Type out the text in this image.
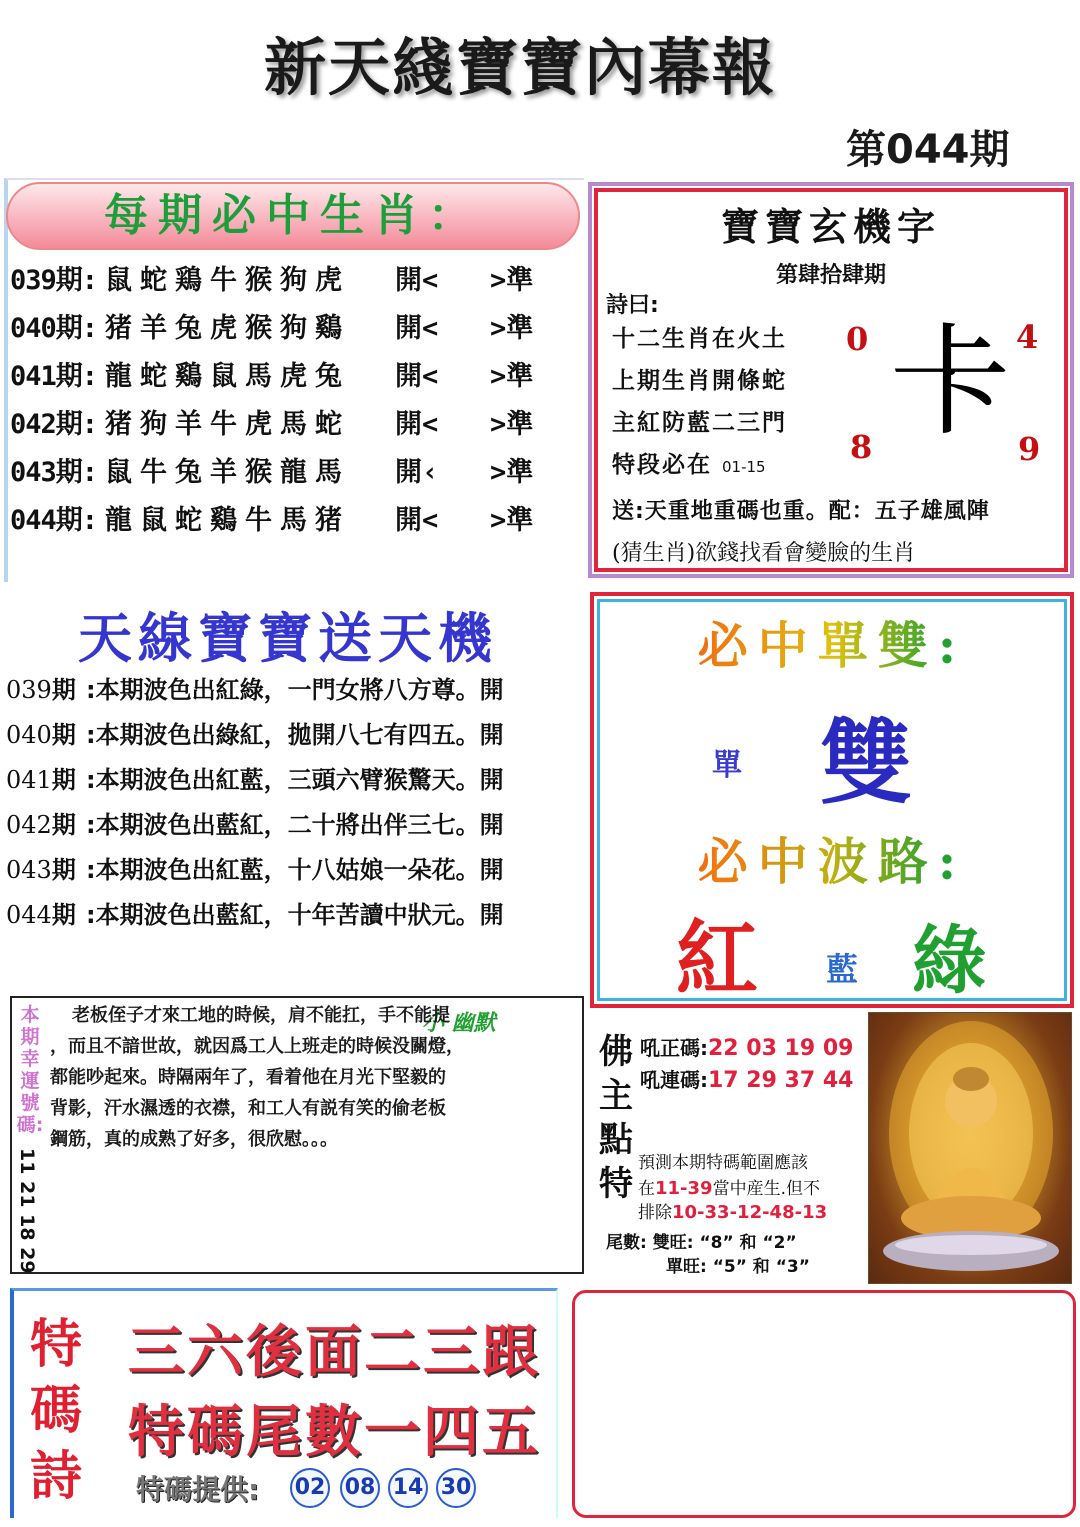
新天綫寶寶內幕報
第044期
每期必中生肖：
039期: 鼠蛇鶏牛猴狗虎 開< >準
040期: 猪羊兔虎猴狗鷄 開< >準
041期: 龍蛇鷄鼠馬虎兔 開< >準
042期: 猪狗羊牛虎馬蛇 開< >準
043期: 鼠牛兔羊猴龍馬 開‹ >準
044期: 龍鼠蛇鷄牛馬猪 開< >準
寶寶玄機字
第肆拾肆期
詩曰:
十二生肖在火土
上期生肖開條蛇
主紅防藍二三門
特段必在 01-15
0	4
8	9
卡
送:天重地重碼也重。配：五子雄風陣
(猜生肖)欲錢找看會變臉的生肖
天線寶寶送天機
039期 :本期波色出紅綠，一門女將八方尊。開
040期 :本期波色出綠紅，拋開八七有四五。開
041期 :本期波色出紅藍，三頭六臂猴驚天。開
042期 :本期波色出藍紅，二十將出伴三七。開
043期 :本期波色出紅藍，十八姑娘一朵花。開
044期 :本期波色出藍紅，十年苦讀中狀元。開
必中單雙:
單 雙
必中波路:
紅 藍 綠
本期幸運號碼:
11 21 18 29
小 幽默
老板侄子才來工地的時候，肩不能扛，手不能提
，而且不諳世故，就因爲工人上班走的時候没關燈，
都能吵起來。時隔兩年了，看着他在月光下堅毅的
背影，汗水濕透的衣襟，和工人有説有笑的偷老板
鋼筋，真的成熟了好多，很欣慰。。。
佛主點特
吼正碼:22 03 19 09
吼連碼:17 29 37 44
預測本期特碼範圍應該
在11-39當中産生.但不
排除10-33-12-48-13
尾數: 雙旺: “8” 和 “2”
單旺: “5” 和 “3”
特碼詩
三六後面二三跟
特碼尾數一四五
特碼提供: 02 08 14 30
